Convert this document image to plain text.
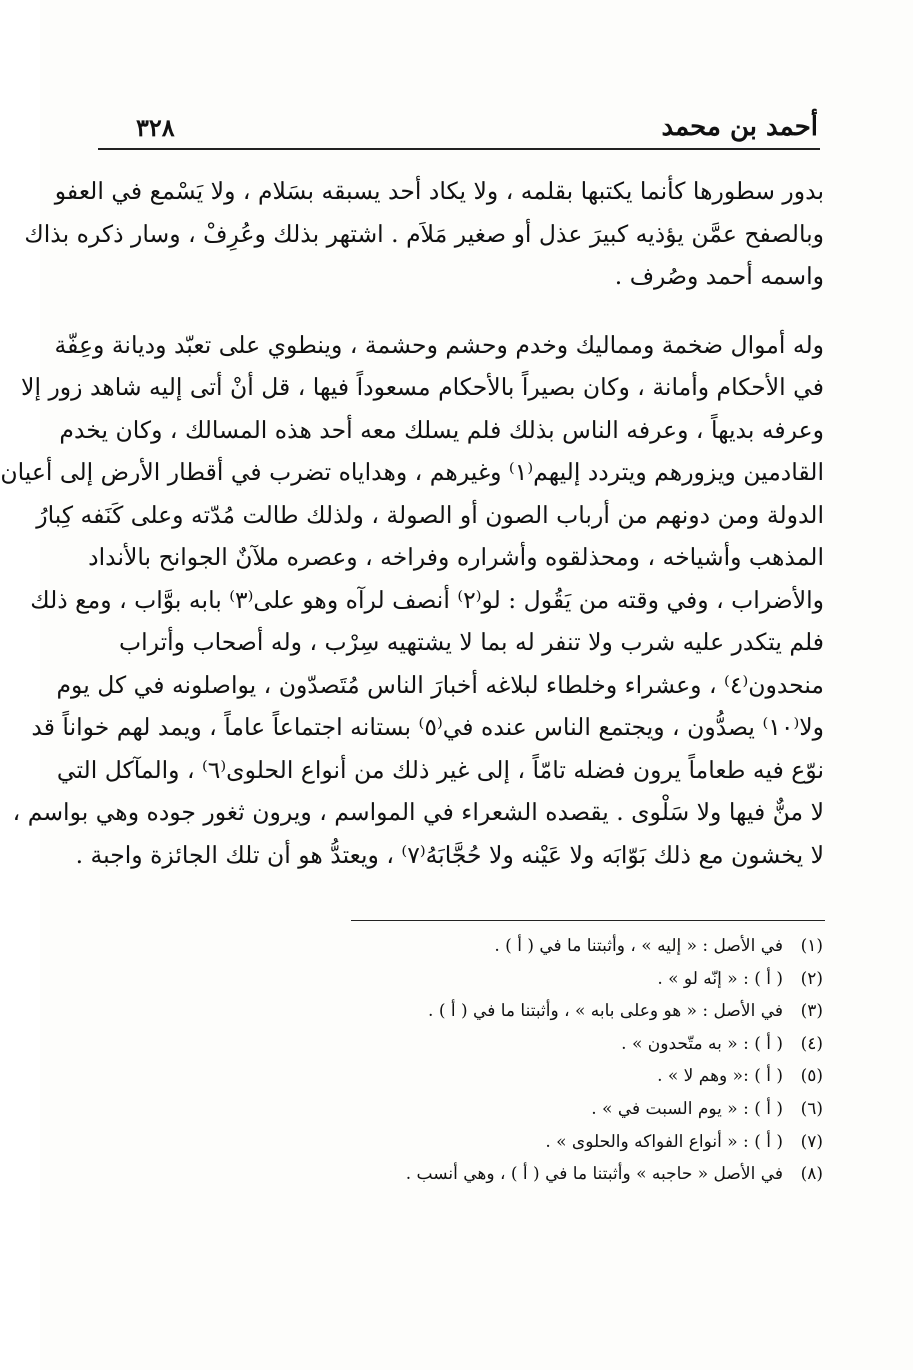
أحمد بن محمد
٣٢٨

بدور سطورها كأنما يكتبها بقلمه ، ولا يكاد أحد يسبقه بسَلام ، ولا يَسْمع في العفو
وبالصفح عمَّن يؤذيه كبيرَ عذل أو صغير مَلاَم . اشتهر بذلك وعُرِفْ ، وسار ذكره بذاك
واسمه أحمد وصُرف .

وله أموال ضخمة ومماليك وخدم وحشم وحشمة ، وينطوي على تعبّد وديانة وعِفّة
في الأحكام وأمانة ، وكان بصيراً بالأحكام مسعوداً فيها ، قل أنْ أتى إليه شاهد زور إلا
وعرفه بديهاً ، وعرفه الناس بذلك فلم يسلك معه أحد هذه المسالك ، وكان يخدم
القادمين ويزورهم ويتردد إليهم⁽١⁾ وغيرهم ، وهداياه تضرب في أقطار الأرض إلى أعيان
الدولة ومن دونهم من أرباب الصون أو الصولة ، ولذلك طالت مُدّته وعلى كَنَفه كِبارُ
المذهب وأشياخه ، ومحذلقوه وأشراره وفراخه ، وعصره ملآنٌ الجوانح بالأنداد
والأضراب ، وفي وقته من يَقُول : لو⁽٢⁾ أنصف لرآه وهو على⁽٣⁾ بابه بوَّاب ، ومع ذلك
فلم يتكدر عليه شرب ولا تنفر له بما لا يشتهيه سِرْب ، وله أصحاب وأتراب
منحدون⁽٤⁾ ، وعشراء وخلطاء لبلاغه أخبارَ الناس مُتَصدّون ، يواصلونه في كل يوم
ولا⁽١٠⁾ يصدُّون ، ويجتمع الناس عنده في⁽٥⁾ بستانه اجتماعاً عاماً ، ويمد لهم خواناً قد
نوّع فيه طعاماً يرون فضله تامّاً ، إلى غير ذلك من أنواع الحلوى⁽٦⁾ ، والمآكل التي
لا منٌّ فيها ولا سَلْوى . يقصده الشعراء في المواسم ، ويرون ثغور جوده وهي بواسم ،
لا يخشون مع ذلك بَوّابَه ولا عَيْنه ولا حُجَّابَهُ⁽٧⁾ ، ويعتدُّ هو أن تلك الجائزة واجبة .

(١)
في الأصل : « إليه » ، وأثبتنا ما في ( أ ) .
(٢)
( أ ) : « إنّه لو » .
(٣)
في الأصل : « هو وعلى بابه » ، وأثبتنا ما في ( أ ) .
(٤)
( أ ) : « به متّحدون » .
(٥)
( أ ) :« وهم لا » .
(٦)
( أ ) : « يوم السبت في » .
(٧)
( أ ) : « أنواع الفواكه والحلوى » .
(٨)
في الأصل « حاجبه » وأثبتنا ما في ( أ ) ، وهي أنسب .
